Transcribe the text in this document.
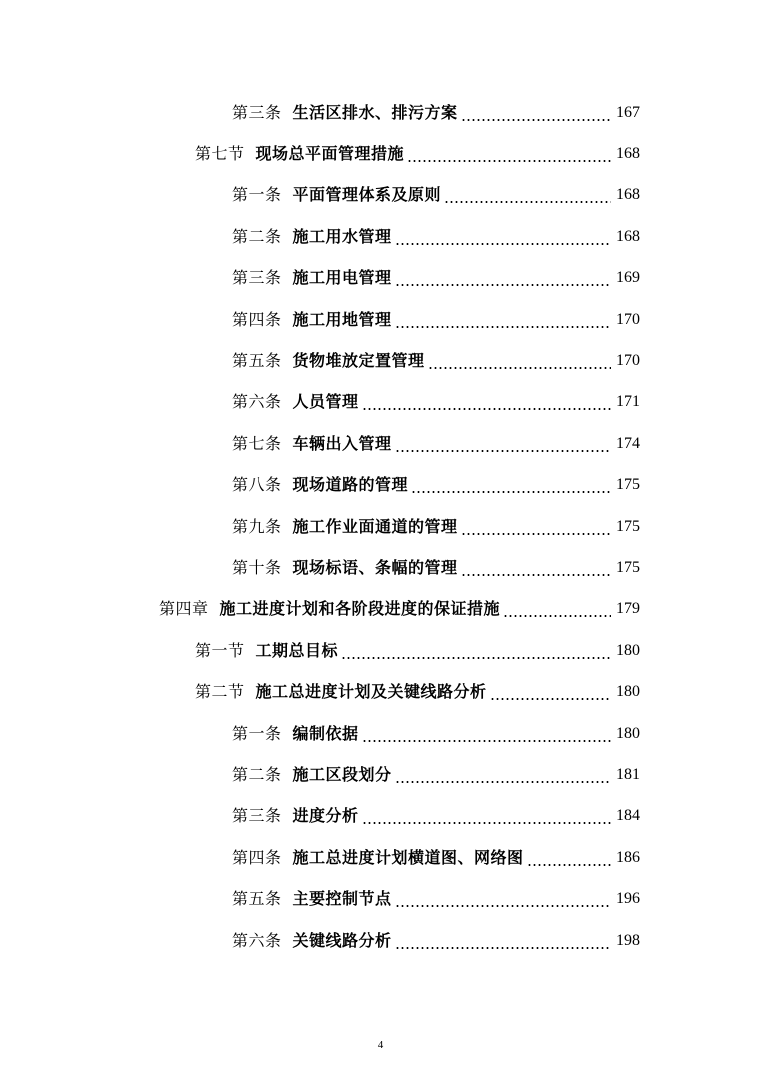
第三条 生活区排水、排污方案	167
第七节 现场总平面管理措施	168
第一条 平面管理体系及原则	168
第二条 施工用水管理	168
第三条 施工用电管理	169
第四条 施工用地管理	170
第五条 货物堆放定置管理	170
第六条 人员管理	171
第七条 车辆出入管理	174
第八条 现场道路的管理	175
第九条 施工作业面通道的管理	175
第十条 现场标语、条幅的管理	175
第四章 施工进度计划和各阶段进度的保证措施	179
第一节 工期总目标	180
第二节 施工总进度计划及关键线路分析	180
第一条 编制依据	180
第二条 施工区段划分	181
第三条 进度分析	184
第四条 施工总进度计划横道图、网络图	186
第五条 主要控制节点	196
第六条 关键线路分析	198
4
